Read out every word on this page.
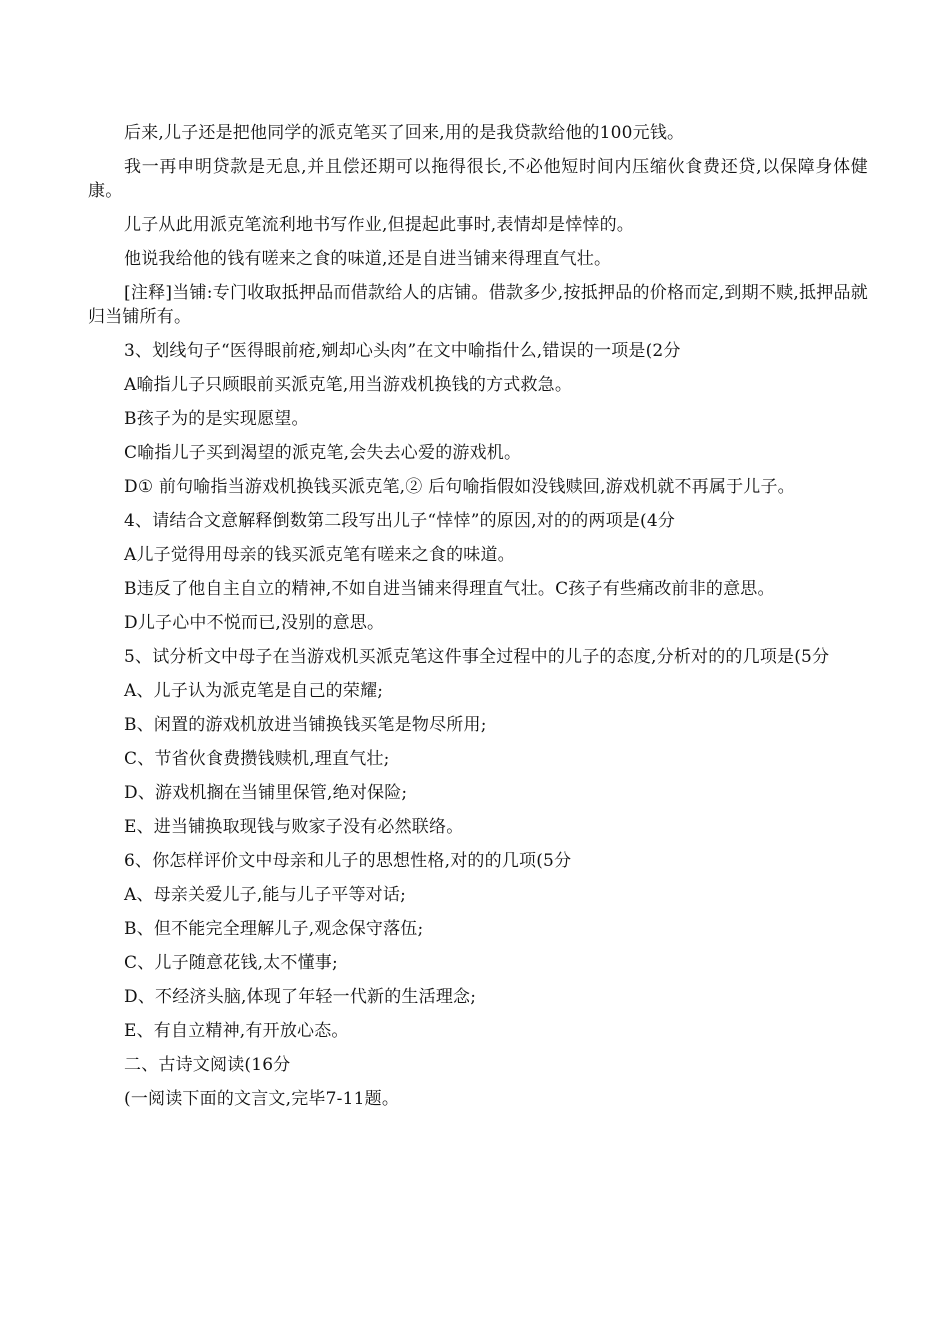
后来,儿子还是把他同学的派克笔买了回来,用的是我贷款给他的100元钱。

我一再申明贷款是无息,并且偿还期可以拖得很长,不必他短时间内压缩伙食费还贷,以保障身体健康。

儿子从此用派克笔流利地书写作业,但提起此事时,表情却是悻悻的。

他说我给他的钱有嗟来之食的味道,还是自进当铺来得理直气壮。

[注释]当铺:专门收取抵押品而借款给人的店铺。借款多少,按抵押品的价格而定,到期不赎,抵押品就归当铺所有。

3、划线句子“医得眼前疮,剜却心头肉”在文中喻指什么,错误的一项是(2分

A喻指儿子只顾眼前买派克笔,用当游戏机换钱的方式救急。

B孩子为的是实现愿望。

C喻指儿子买到渴望的派克笔,会失去心爱的游戏机。

D① 前句喻指当游戏机换钱买派克笔,② 后句喻指假如没钱赎回,游戏机就不再属于儿子。

4、请结合文意解释倒数第二段写出儿子“悻悻”的原因,对的的两项是(4分

A儿子觉得用母亲的钱买派克笔有嗟来之食的味道。

B违反了他自主自立的精神,不如自进当铺来得理直气壮。C孩子有些痛改前非的意思。

D儿子心中不悦而已,没别的意思。

5、试分析文中母子在当游戏机买派克笔这件事全过程中的儿子的态度,分析对的的几项是(5分

A、儿子认为派克笔是自己的荣耀;

B、闲置的游戏机放进当铺换钱买笔是物尽所用;

C、节省伙食费攒钱赎机,理直气壮;

D、游戏机搁在当铺里保管,绝对保险;

E、进当铺换取现钱与败家子没有必然联络。

6、你怎样评价文中母亲和儿子的思想性格,对的的几项(5分

A、母亲关爱儿子,能与儿子平等对话;

B、但不能完全理解儿子,观念保守落伍;

C、儿子随意花钱,太不懂事;

D、不经济头脑,体现了年轻一代新的生活理念;

E、有自立精神,有开放心态。

二、古诗文阅读(16分

(一阅读下面的文言文,完毕7-11题。
